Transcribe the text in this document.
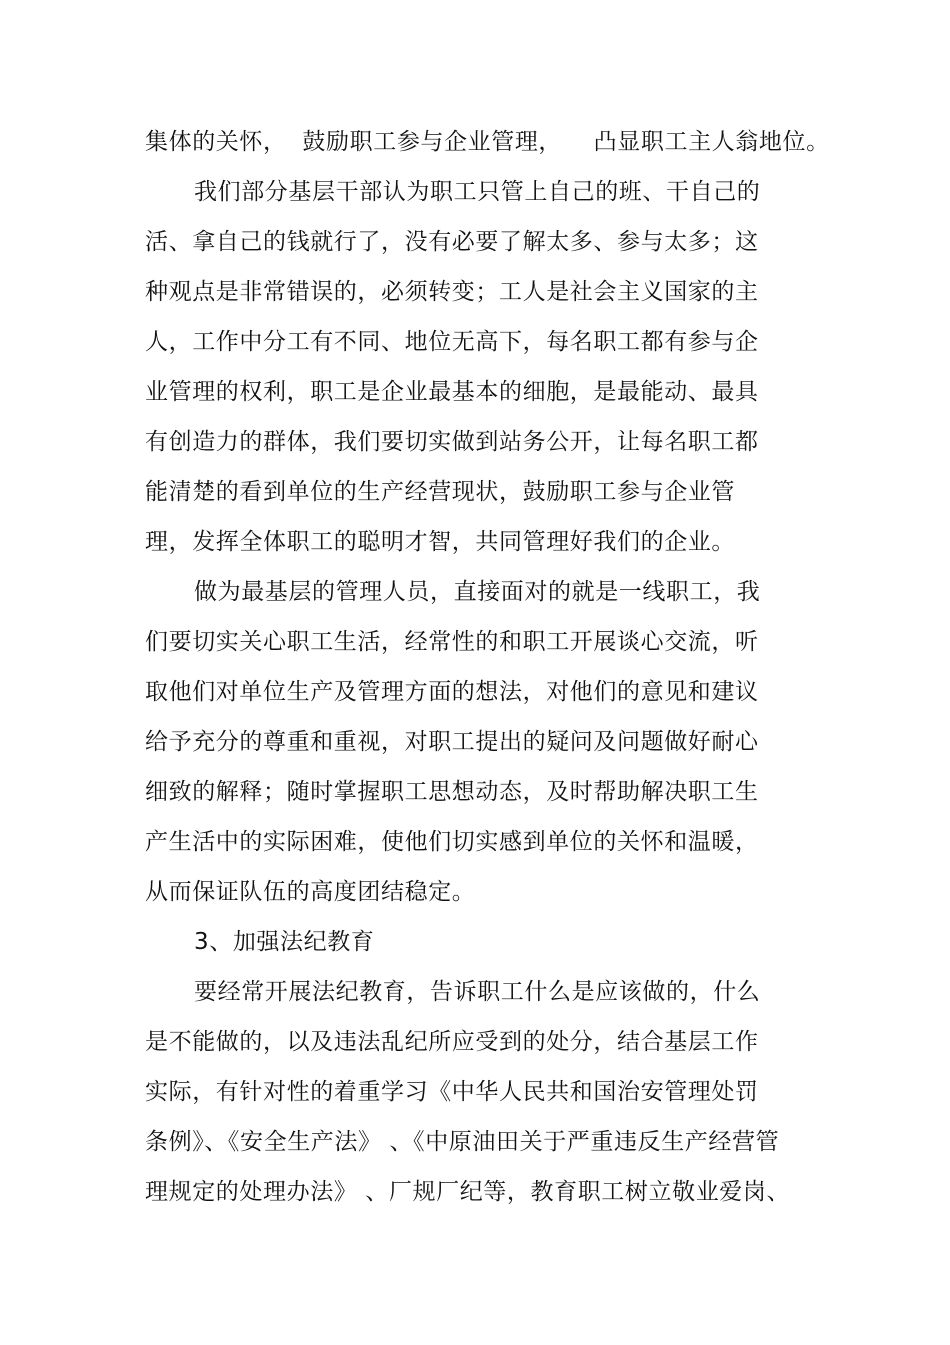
集体的关怀，  鼓励职工参与企业管理，    凸显职工主人翁地位。
我们部分基层干部认为职工只管上自己的班、干自己的
活、拿自己的钱就行了，没有必要了解太多、参与太多；这
种观点是非常错误的，必须转变；工人是社会主义国家的主
人，工作中分工有不同、地位无高下，每名职工都有参与企
业管理的权利，职工是企业最基本的细胞，是最能动、最具
有创造力的群体，我们要切实做到站务公开，让每名职工都
能清楚的看到单位的生产经营现状，鼓励职工参与企业管
理，发挥全体职工的聪明才智，共同管理好我们的企业。
做为最基层的管理人员，直接面对的就是一线职工，我
们要切实关心职工生活，经常性的和职工开展谈心交流，听
取他们对单位生产及管理方面的想法，对他们的意见和建议
给予充分的尊重和重视，对职工提出的疑问及问题做好耐心
细致的解释；随时掌握职工思想动态，及时帮助解决职工生
产生活中的实际困难，使他们切实感到单位的关怀和温暖，
从而保证队伍的高度团结稳定。
3、加强法纪教育
要经常开展法纪教育，告诉职工什么是应该做的，什么
是不能做的，以及违法乱纪所应受到的处分，结合基层工作
实际，有针对性的着重学习《中华人民共和国治安管理处罚
条例》、《安全生产法》 、《中原油田关于严重违反生产经营管
理规定的处理办法》 、厂规厂纪等，教育职工树立敬业爱岗、
